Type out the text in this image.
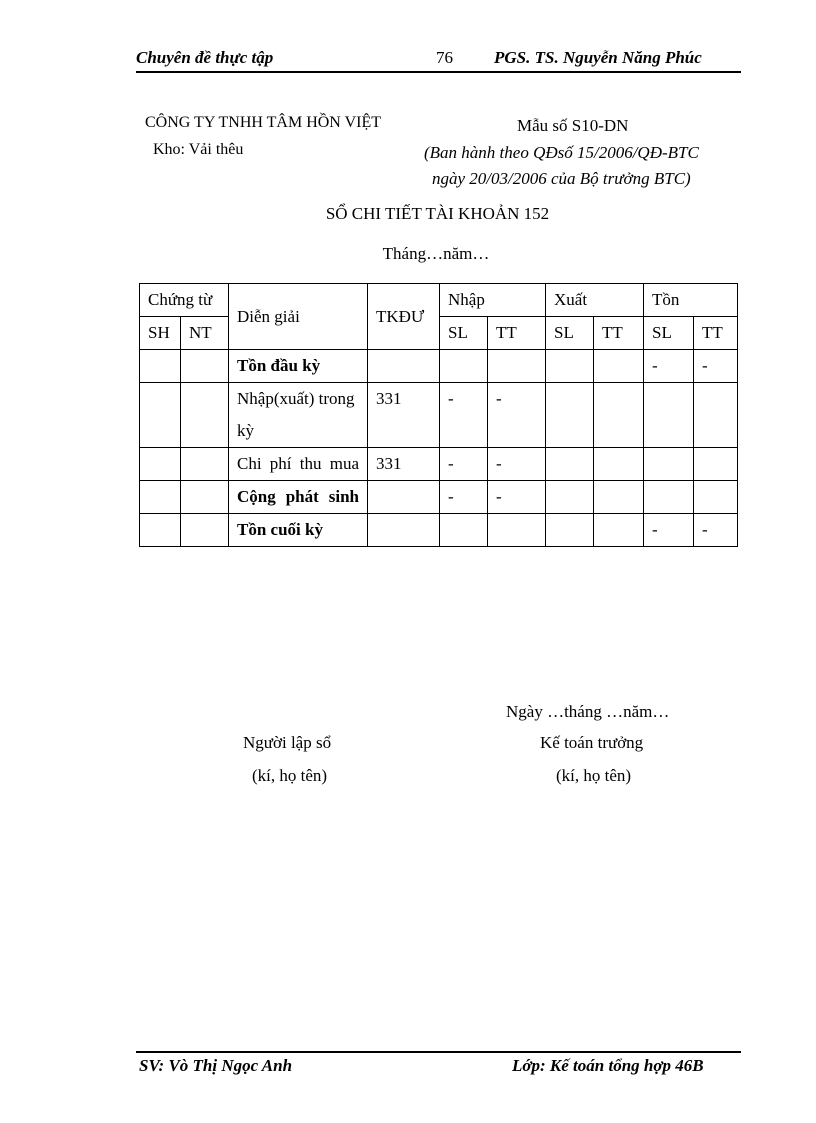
Chuyên đề thực tập	76 PGS. TS. Nguyễn Năng Phúc
CÔNG TY TNHH TÂM HỒN VIỆT
Kho: Vải thêu
Mẫu số S10-DN
(Ban hành theo QĐsố 15/2006/QĐ-BTC
ngày 20/03/2006 của Bộ trưởng BTC)
SỔ CHI TIẾT TÀI KHOẢN 152
Tháng…năm…
Chứng từ		Diễn giải	TKĐƯ	Nhập		Xuất		Tồn	
SH	NT			SL	TT	SL	TT	SL	TT
		Tồn đầu kỳ						-	-
		Nhập(xuất) trong kỳ	331	-	-				
		Chi phí thu mua	331	-	-				
		Cộng phát sinh		-	-				
		Tồn cuối kỳ						-	-
Ngày …tháng …năm…
Người lập sổ
(kí, họ tên)
Kế toán trưởng
(kí, họ tên)
SV: Vò Thị Ngọc Anh	Lớp: Kế toán tổng hợp 46B
